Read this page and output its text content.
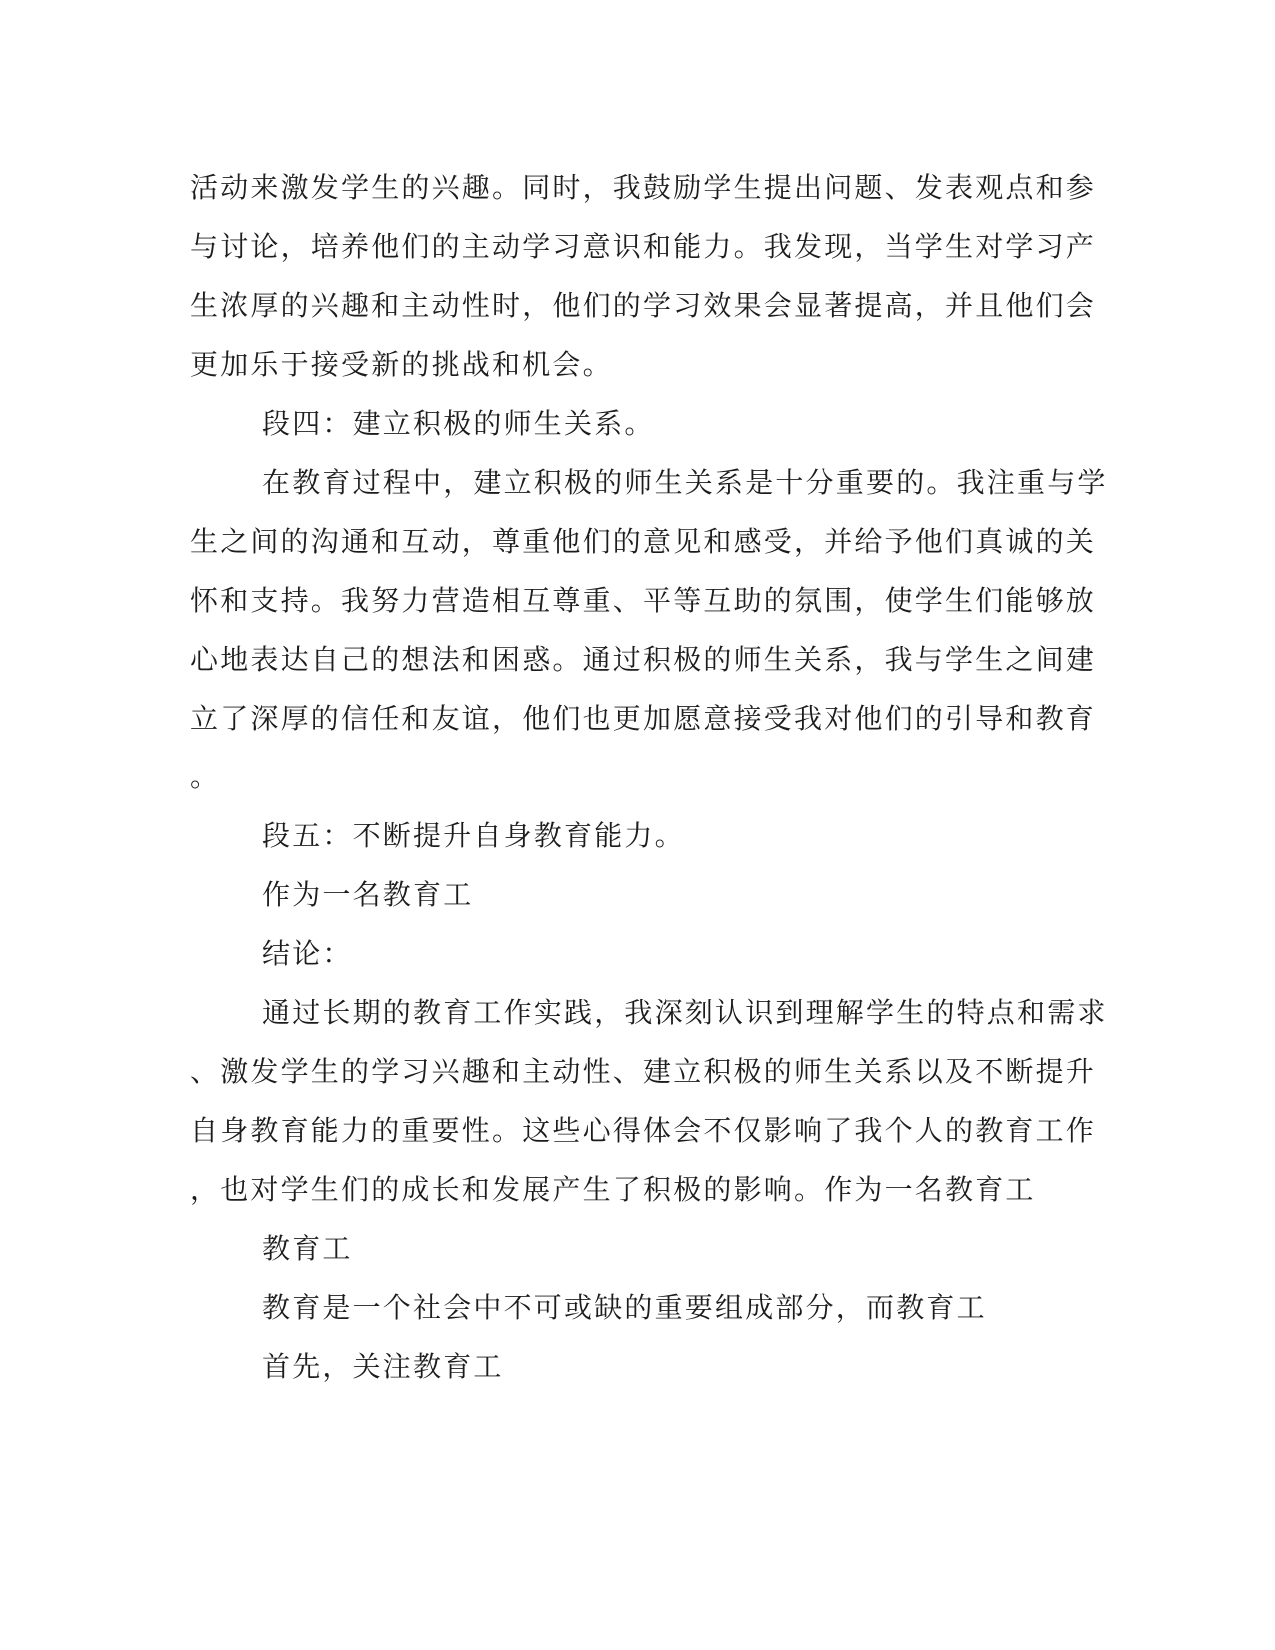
活动来激发学生的兴趣。同时，我鼓励学生提出问题、发表观点和参

与讨论，培养他们的主动学习意识和能力。我发现，当学生对学习产

生浓厚的兴趣和主动性时，他们的学习效果会显著提高，并且他们会

更加乐于接受新的挑战和机会。

段四：建立积极的师生关系。

在教育过程中，建立积极的师生关系是十分重要的。我注重与学

生之间的沟通和互动，尊重他们的意见和感受，并给予他们真诚的关

怀和支持。我努力营造相互尊重、平等互助的氛围，使学生们能够放

心地表达自己的想法和困惑。通过积极的师生关系，我与学生之间建

立了深厚的信任和友谊，他们也更加愿意接受我对他们的引导和教育

。

段五：不断提升自身教育能力。

作为一名教育工

结论：

通过长期的教育工作实践，我深刻认识到理解学生的特点和需求

、激发学生的学习兴趣和主动性、建立积极的师生关系以及不断提升

自身教育能力的重要性。这些心得体会不仅影响了我个人的教育工作

，也对学生们的成长和发展产生了积极的影响。作为一名教育工

教育工

教育是一个社会中不可或缺的重要组成部分，而教育工

首先，关注教育工
